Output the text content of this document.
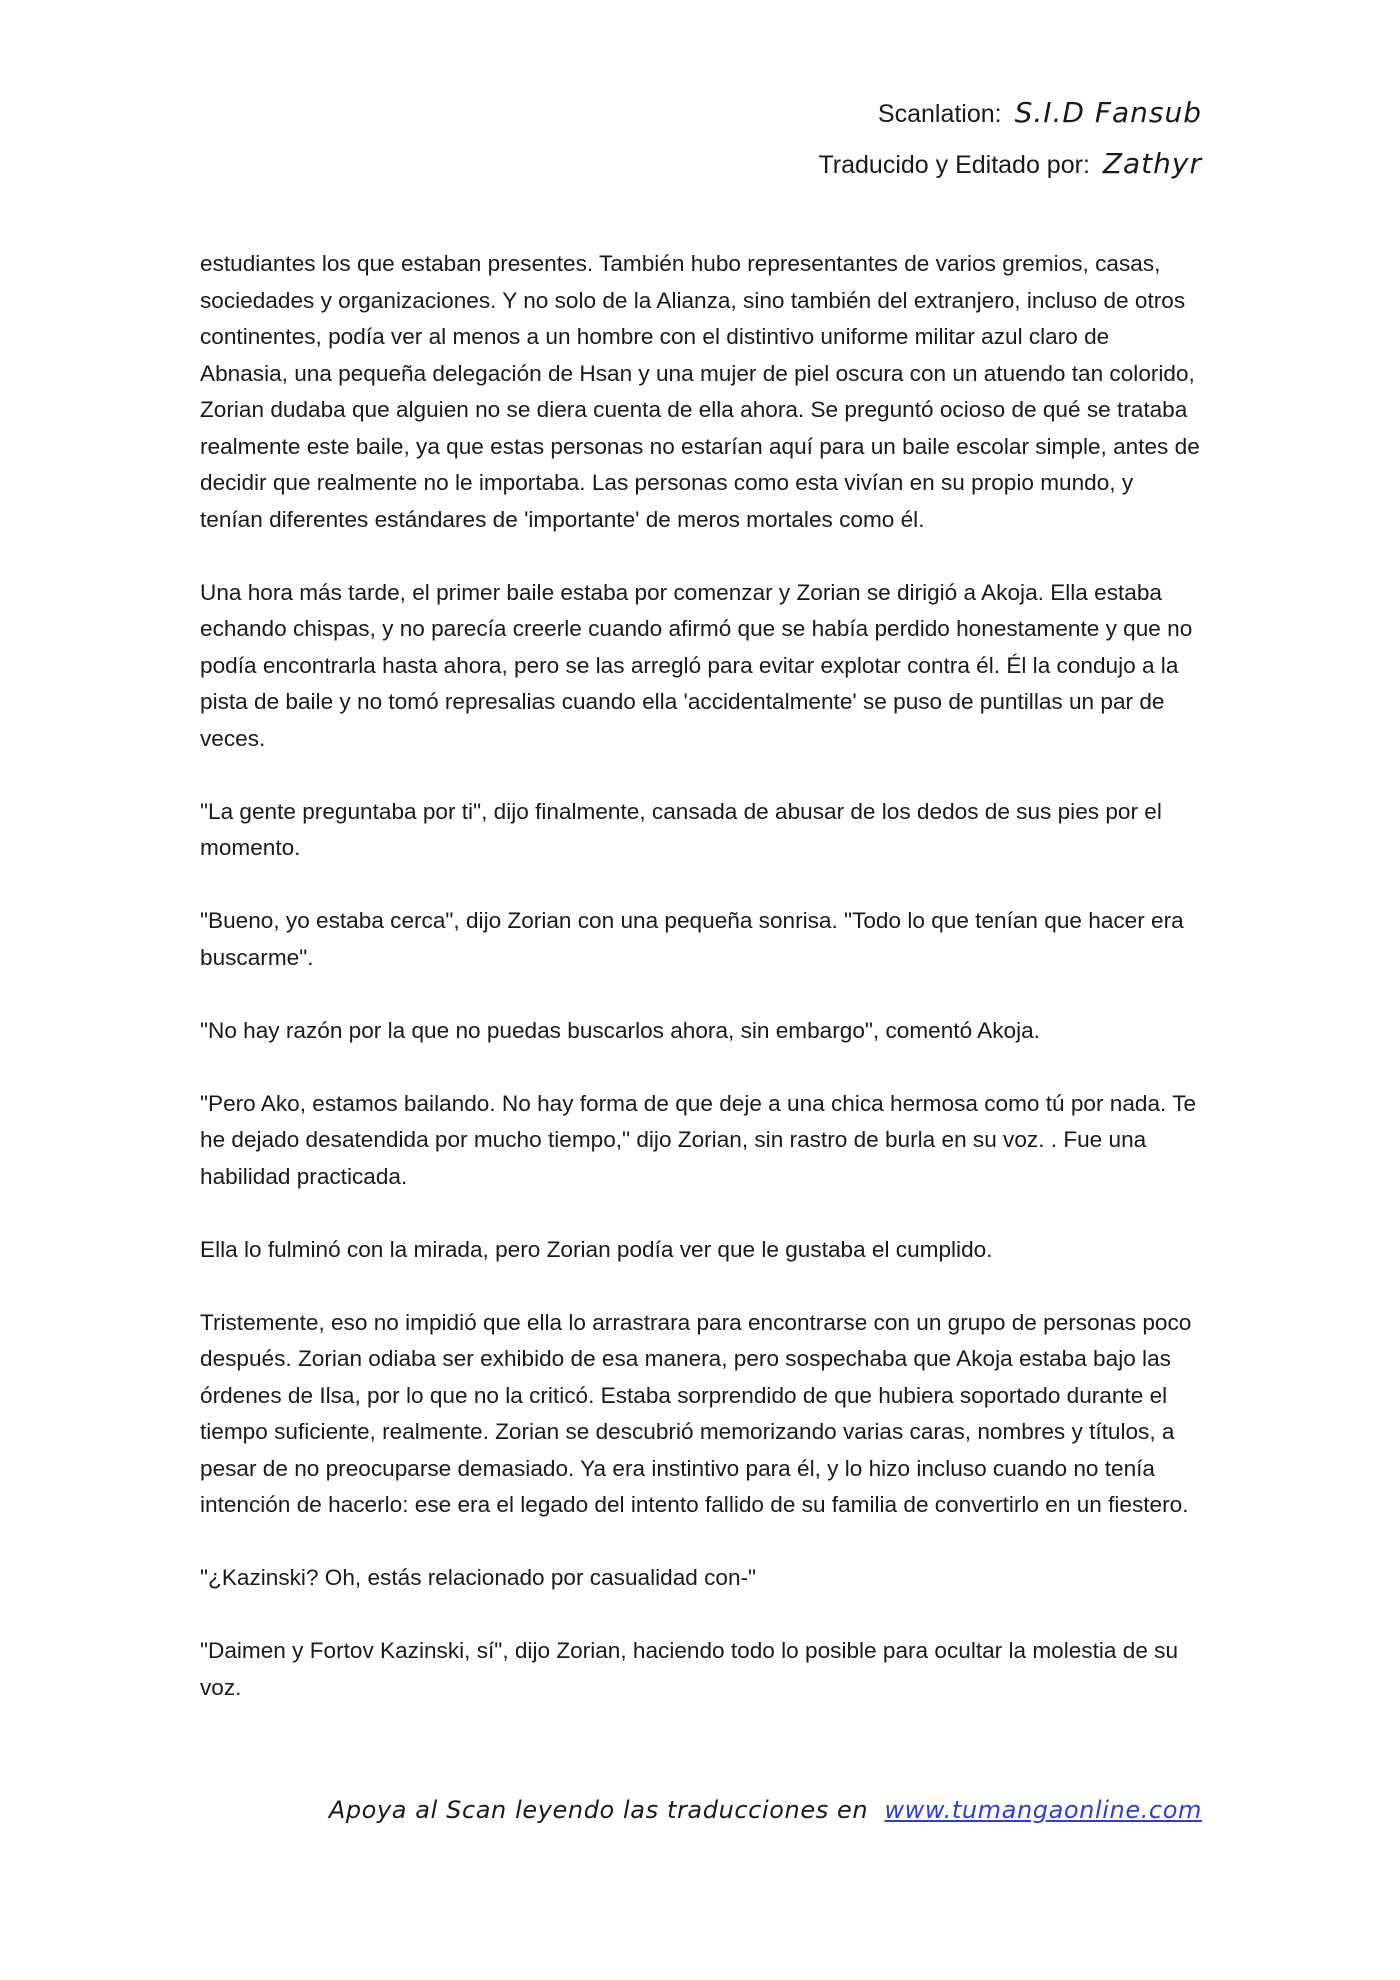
Scanlation: S.I.D Fansub
Traducido y Editado por: Zathyr

estudiantes los que estaban presentes. También hubo representantes de varios gremios, casas, sociedades y organizaciones. Y no solo de la Alianza, sino también del extranjero, incluso de otros continentes, podía ver al menos a un hombre con el distintivo uniforme militar azul claro de Abnasia, una pequeña delegación de Hsan y una mujer de piel oscura con un atuendo tan colorido, Zorian dudaba que alguien no se diera cuenta de ella ahora. Se preguntó ocioso de qué se trataba realmente este baile, ya que estas personas no estarían aquí para un baile escolar simple, antes de decidir que realmente no le importaba. Las personas como esta vivían en su propio mundo, y tenían diferentes estándares de 'importante' de meros mortales como él.

Una hora más tarde, el primer baile estaba por comenzar y Zorian se dirigió a Akoja. Ella estaba echando chispas, y no parecía creerle cuando afirmó que se había perdido honestamente y que no podía encontrarla hasta ahora, pero se las arregló para evitar explotar contra él. Él la condujo a la pista de baile y no tomó represalias cuando ella 'accidentalmente' se puso de puntillas un par de veces.

"La gente preguntaba por ti", dijo finalmente, cansada de abusar de los dedos de sus pies por el momento.

"Bueno, yo estaba cerca", dijo Zorian con una pequeña sonrisa. "Todo lo que tenían que hacer era buscarme".

"No hay razón por la que no puedas buscarlos ahora, sin embargo", comentó Akoja.

"Pero Ako, estamos bailando. No hay forma de que deje a una chica hermosa como tú por nada. Te he dejado desatendida por mucho tiempo," dijo Zorian, sin rastro de burla en su voz. . Fue una habilidad practicada.

Ella lo fulminó con la mirada, pero Zorian podía ver que le gustaba el cumplido.

Tristemente, eso no impidió que ella lo arrastrara para encontrarse con un grupo de personas poco después. Zorian odiaba ser exhibido de esa manera, pero sospechaba que Akoja estaba bajo las órdenes de Ilsa, por lo que no la criticó. Estaba sorprendido de que hubiera soportado durante el tiempo suficiente, realmente. Zorian se descubrió memorizando varias caras, nombres y títulos, a pesar de no preocuparse demasiado. Ya era instintivo para él, y lo hizo incluso cuando no tenía intención de hacerlo: ese era el legado del intento fallido de su familia de convertirlo en un fiestero.

"¿Kazinski? Oh, estás relacionado por casualidad con-"

"Daimen y Fortov Kazinski, sí", dijo Zorian, haciendo todo lo posible para ocultar la molestia de su voz.

Apoya al Scan leyendo las traducciones en www.tumangaonline.com
